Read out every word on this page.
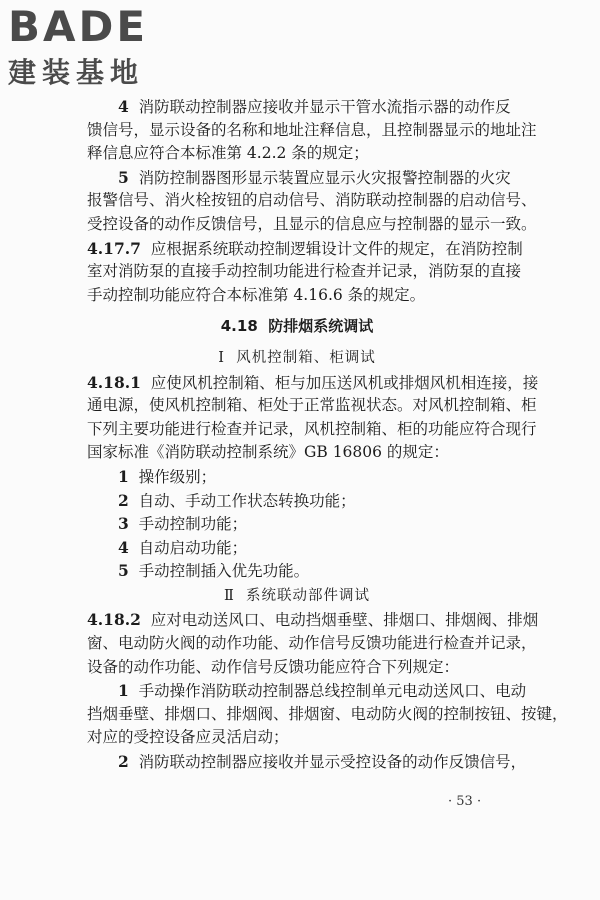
BADE
建装基地
4 消防联动控制器应接收并显示干管水流指示器的动作反
馈信号，显示设备的名称和地址注释信息，且控制器显示的地址注
释信息应符合本标准第 4.2.2 条的规定；
5 消防控制器图形显示装置应显示火灾报警控制器的火灾
报警信号、消火栓按钮的启动信号、消防联动控制器的启动信号、
受控设备的动作反馈信号，且显示的信息应与控制器的显示一致。
4.17.7 应根据系统联动控制逻辑设计文件的规定，在消防控制
室对消防泵的直接手动控制功能进行检查并记录，消防泵的直接
手动控制功能应符合本标准第 4.16.6 条的规定。
4.18 防排烟系统调试
Ⅰ 风机控制箱、柜调试
4.18.1 应使风机控制箱、柜与加压送风机或排烟风机相连接，接
通电源，使风机控制箱、柜处于正常监视状态。对风机控制箱、柜
下列主要功能进行检查并记录，风机控制箱、柜的功能应符合现行
国家标准《消防联动控制系统》GB 16806 的规定：
1 操作级别；
2 自动、手动工作状态转换功能；
3 手动控制功能；
4 自动启动功能；
5 手动控制插入优先功能。
Ⅱ 系统联动部件调试
4.18.2 应对电动送风口、电动挡烟垂壁、排烟口、排烟阀、排烟
窗、电动防火阀的动作功能、动作信号反馈功能进行检查并记录，
设备的动作功能、动作信号反馈功能应符合下列规定：
1 手动操作消防联动控制器总线控制单元电动送风口、电动
挡烟垂壁、排烟口、排烟阀、排烟窗、电动防火阀的控制按钮、按键，
对应的受控设备应灵活启动；
2 消防联动控制器应接收并显示受控设备的动作反馈信号，
· 53 ·
